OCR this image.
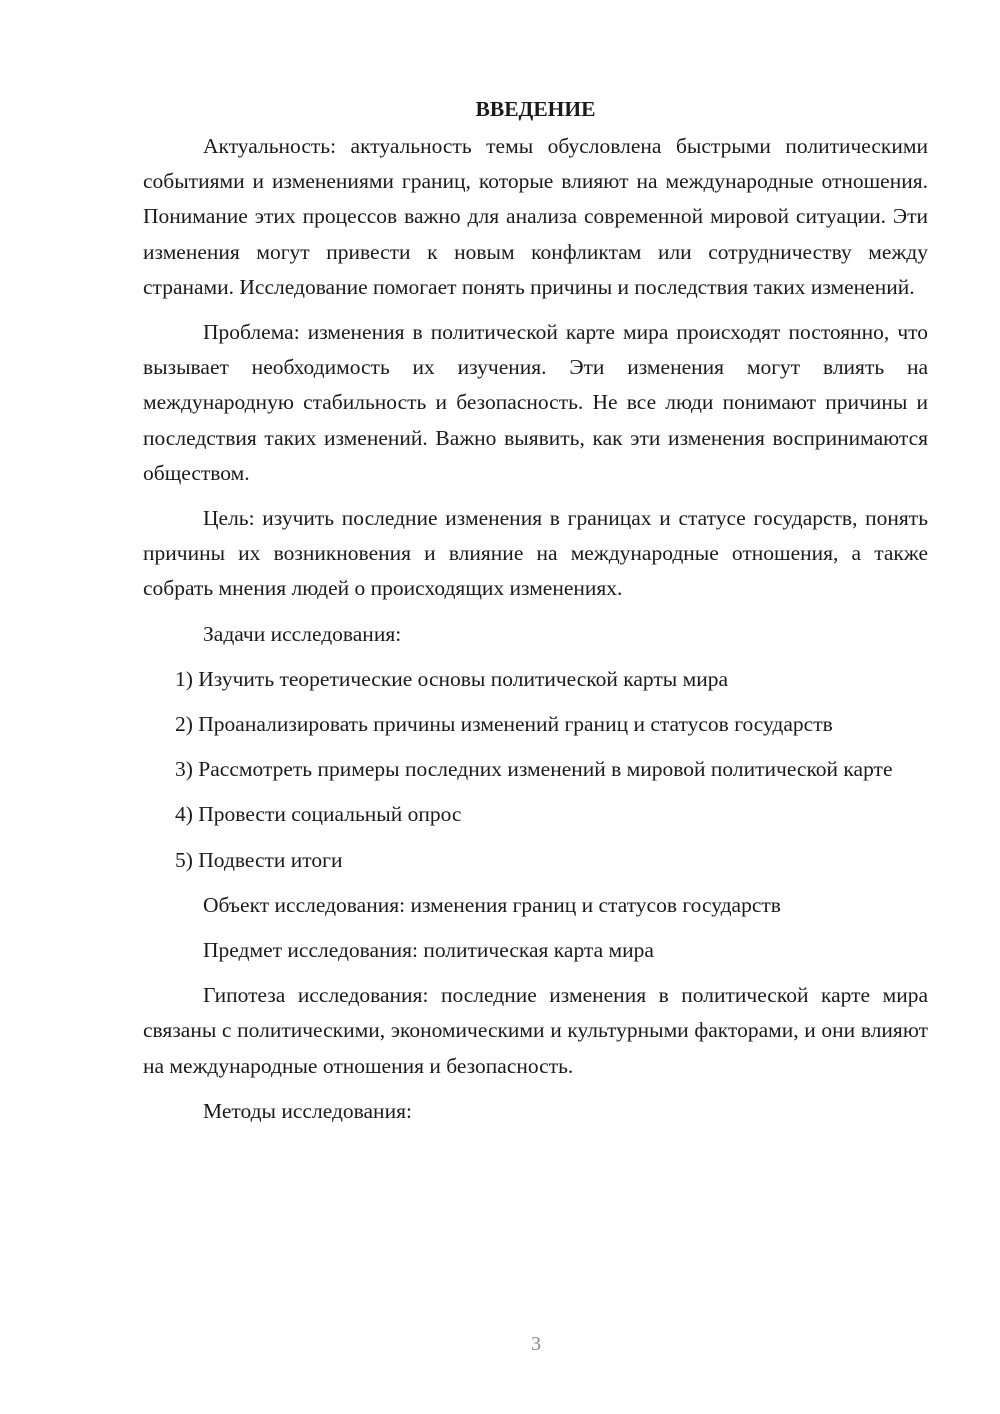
ВВЕДЕНИЕ

Актуальность: актуальность темы обусловлена быстрыми политическими событиями и изменениями границ, которые влияют на международные отношения. Понимание этих процессов важно для анализа современной мировой ситуации. Эти изменения могут привести к новым конфликтам или сотрудничеству между странами. Исследование помогает понять причины и последствия таких изменений.

Проблема: изменения в политической карте мира происходят постоянно, что вызывает необходимость их изучения. Эти изменения могут влиять на международную стабильность и безопасность. Не все люди понимают причины и последствия таких изменений. Важно выявить, как эти изменения воспринимаются обществом.

Цель: изучить последние изменения в границах и статусе государств, понять причины их возникновения и влияние на международные отношения, а также собрать мнения людей о происходящих изменениях.

Задачи исследования:

1) Изучить теоретические основы политической карты мира

2) Проанализировать причины изменений границ и статусов государств

3) Рассмотреть примеры последних изменений в мировой политической карте

4) Провести социальный опрос

5) Подвести итоги

Объект исследования: изменения границ и статусов государств

Предмет исследования: политическая карта мира

Гипотеза исследования: последние изменения в политической карте мира связаны с политическими, экономическими и культурными факторами, и они влияют на международные отношения и безопасность.

Методы исследования:

3
